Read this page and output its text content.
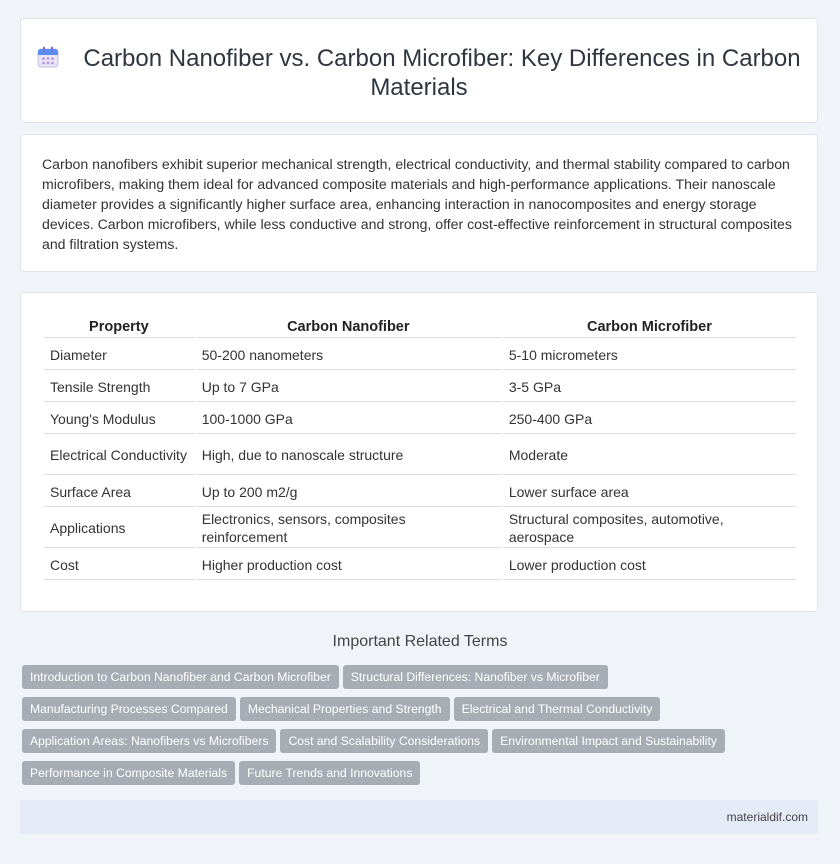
Carbon Nanofiber vs. Carbon Microfiber: Key Differences in Carbon Materials

Carbon nanofibers exhibit superior mechanical strength, electrical conductivity, and thermal stability compared to carbon microfibers, making them ideal for advanced composite materials and high-performance applications. Their nanoscale diameter provides a significantly higher surface area, enhancing interaction in nanocomposites and energy storage devices. Carbon microfibers, while less conductive and strong, offer cost-effective reinforcement in structural composites and filtration systems.

Property	Carbon Nanofiber	Carbon Microfiber
Diameter	50-200 nanometers	5-10 micrometers
Tensile Strength	Up to 7 GPa	3-5 GPa
Young's Modulus	100-1000 GPa	250-400 GPa
Electrical Conductivity	High, due to nanoscale structure	Moderate
Surface Area	Up to 200 m2/g	Lower surface area
Applications	Electronics, sensors, composites reinforcement	Structural composites, automotive, aerospace
Cost	Higher production cost	Lower production cost
Important Related Terms
Introduction to Carbon Nanofiber and Carbon Microfiber Structural Differences: Nanofiber vs Microfiber
Manufacturing Processes Compared Mechanical Properties and Strength Electrical and Thermal Conductivity
Application Areas: Nanofibers vs Microfibers Cost and Scalability Considerations Environmental Impact and Sustainability
Performance in Composite Materials Future Trends and Innovations
materialdif.com
